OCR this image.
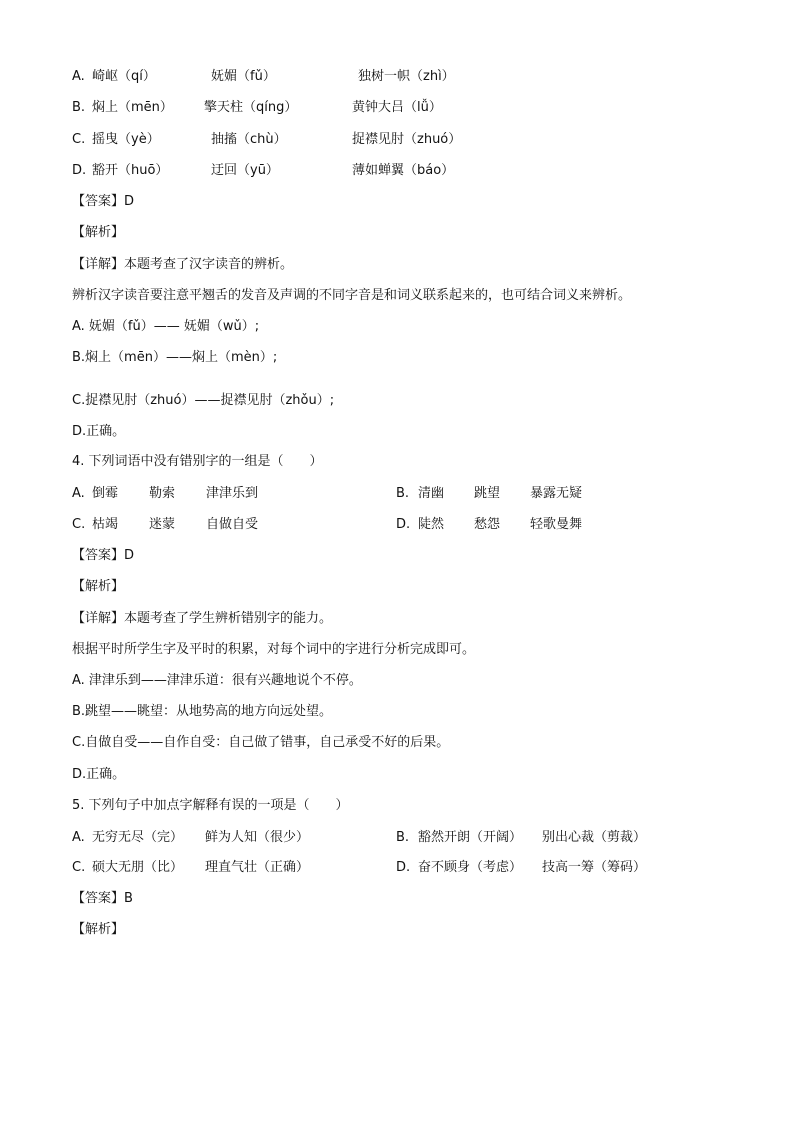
A. 崎岖（qí）	妩媚（fǔ）	独树一帜（zhì）
B. 焖上（mēn） 擎天柱（qíng）	黄钟大吕（lǚ）
C. 摇曳（yè）	抽搐（chù）	捉襟见肘（zhuó）
D. 豁开（huō）	迂回（yū）	薄如蝉翼（báo）
【答案】D
【解析】
【详解】本题考查了汉字读音的辨析。
辨析汉字读音要注意平翘舌的发音及声调的不同字音是和词义联系起来的，也可结合词义来辨析。
A. 妩媚（fǔ）—— 妩媚（wǔ）;
B.焖上（mēn）——焖上（mèn）;
C.捉襟见肘（zhuó）——捉襟见肘（zhǒu）;
D.正确。
4. 下列词语中没有错别字的一组是（　　）
A. 倒霉 勒索 津津乐到	B. 清幽 跳望 暴露无疑
C. 枯竭 迷蒙 自做自受	D. 陡然 愁怨 轻歌曼舞
【答案】D
【解析】
【详解】本题考查了学生辨析错别字的能力。
根据平时所学生字及平时的积累，对每个词中的字进行分析完成即可。
A. 津津乐到——津津乐道：很有兴趣地说个不停。
B.跳望——眺望：从地势高的地方向远处望。
C.自做自受——自作自受：自己做了错事，自己承受不好的后果。
D.正确。
5. 下列句子中加点字解释有误的一项是（　　）
A. 无穷无尽（完） 鲜为人知（很少）	B. 豁然开朗（开阔） 别出心裁（剪裁）
C. 硕大无朋（比） 理直气壮（正确）	D. 奋不顾身（考虑） 技高一筹（筹码）
【答案】B
【解析】
